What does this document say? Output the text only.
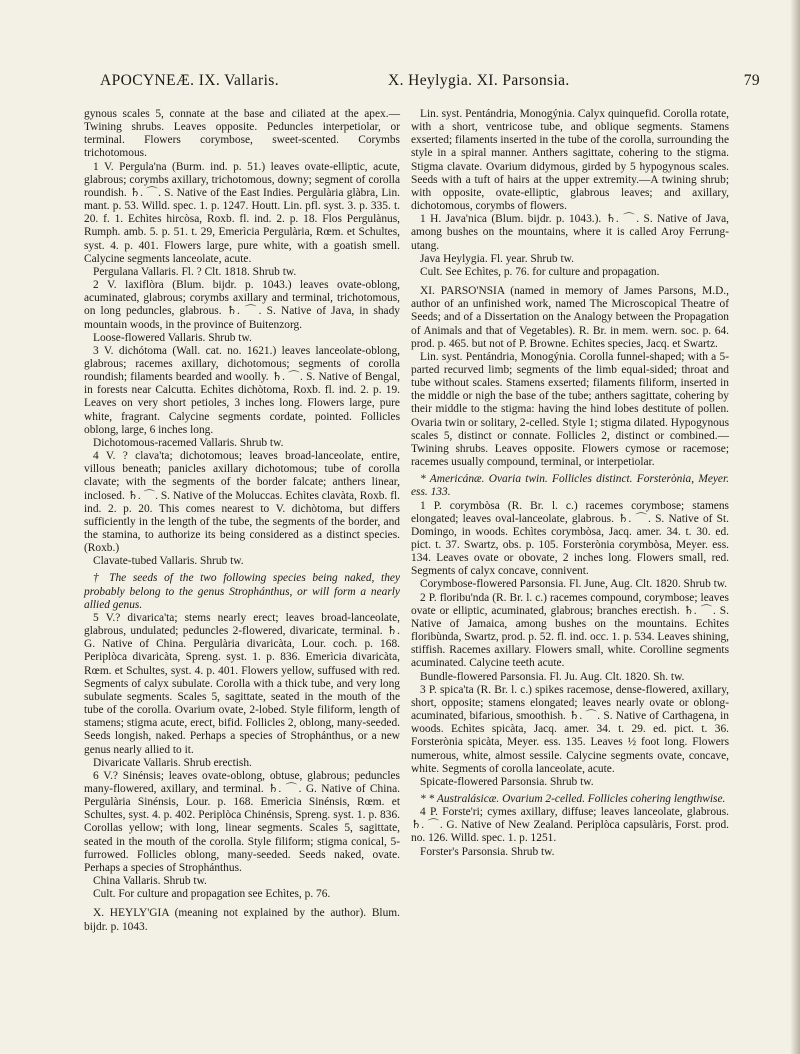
APOCYNEÆ. IX. Vallaris.	X. Heylygia. XI. Parsonsia.	79

gynous scales 5, connate at the base and ciliated at the apex.— Twining shrubs. Leaves opposite. Peduncles interpetiolar, or terminal. Flowers corymbose, sweet-scented. Corymbs trichotomous.

1 V. Pergula'na (Burm. ind. p. 51.) leaves ovate-elliptic, acute, glabrous; corymbs axillary, trichotomous, downy; segment of corolla roundish. ♄. ⌒. S. Native of the East Indies. Pergulària glàbra, Lin. mant. p. 53. Willd. spec. 1. p. 1247. Houtt. Lin. pfl. syst. 3. p. 335. t. 20. f. 1. Echìtes hircòsa, Roxb. fl. ind. 2. p. 18. Flos Pergulànus, Rumph. amb. 5. p. 51. t. 29, Emerìcia Pergulària, Rœm. et Schultes, syst. 4. p. 401. Flowers large, pure white, with a goatish smell. Calycine segments lanceolate, acute.

Pergulana Vallaris. Fl. ? Clt. 1818. Shrub tw.

2 V. laxiflòra (Blum. bijdr. p. 1043.) leaves ovate-oblong, acuminated, glabrous; corymbs axillary and terminal, trichotomous, on long peduncles, glabrous. ♄. ⌒. S. Native of Java, in shady mountain woods, in the province of Buitenzorg.

Loose-flowered Vallaris. Shrub tw.

3 V. dichótoma (Wall. cat. no. 1621.) leaves lanceolate-oblong, glabrous; racemes axillary, dichotomous; segments of corolla roundish; filaments bearded and woolly. ♄. ⌒. S. Native of Bengal, in forests near Calcutta. Echìtes dichòtoma, Roxb. fl. ind. 2. p. 19. Leaves on very short petioles, 3 inches long. Flowers large, pure white, fragrant. Calycine segments cordate, pointed. Follicles oblong, large, 6 inches long.

Dichotomous-racemed Vallaris. Shrub tw.

4 V. ? clava'ta; dichotomous; leaves broad-lanceolate, entire, villous beneath; panicles axillary dichotomous; tube of corolla clavate; with the segments of the border falcate; anthers linear, inclosed. ♄. ⌒. S. Native of the Moluccas. Echìtes clavàta, Roxb. fl. ind. 2. p. 20. This comes nearest to V. dichòtoma, but differs sufficiently in the length of the tube, the segments of the border, and the stamina, to authorize its being considered as a distinct species. (Roxb.)

Clavate-tubed Vallaris. Shrub tw.

† The seeds of the two following species being naked, they probably belong to the genus Strophánthus, or will form a nearly allied genus.

5 V.? divarica'ta; stems nearly erect; leaves broad-lanceolate, glabrous, undulated; peduncles 2-flowered, divaricate, terminal. ♄. G. Native of China. Pergulària divaricàta, Lour. coch. p. 168. Periplòca divaricàta, Spreng. syst. 1. p. 836. Emerìcia divaricàta, Rœm. et Schultes, syst. 4. p. 401. Flowers yellow, suffused with red. Segments of calyx subulate. Corolla with a thick tube, and very long subulate segments. Scales 5, sagittate, seated in the mouth of the tube of the corolla. Ovarium ovate, 2-lobed. Style filiform, length of stamens; stigma acute, erect, bifid. Follicles 2, oblong, many-seeded. Seeds longish, naked. Perhaps a species of Strophánthus, or a new genus nearly allied to it.

Divaricate Vallaris. Shrub erectish.

6 V.? Sinénsis; leaves ovate-oblong, obtuse, glabrous; peduncles many-flowered, axillary, and terminal. ♄. ⌒. G. Native of China. Pergulària Sinénsis, Lour. p. 168. Emerìcia Sinénsis, Rœm. et Schultes, syst. 4. p. 402. Periplòca Chinénsis, Spreng. syst. 1. p. 836. Corollas yellow; with long, linear segments. Scales 5, sagittate, seated in the mouth of the corolla. Style filiform; stigma conical, 5-furrowed. Follicles oblong, many-seeded. Seeds naked, ovate. Perhaps a species of Strophánthus.

China Vallaris. Shrub tw.

Cult. For culture and propagation see Echìtes, p. 76.

X. HEYLY'GIA (meaning not explained by the author). Blum. bijdr. p. 1043.

Lin. syst. Pentándria, Monogýnia. Calyx quinquefid. Corolla rotate, with a short, ventricose tube, and oblique segments. Stamens exserted; filaments inserted in the tube of the corolla, surrounding the style in a spiral manner. Anthers sagittate, cohering to the stigma. Stigma clavate. Ovarium didymous, girded by 5 hypogynous scales. Seeds with a tuft of hairs at the upper extremity.—A twining shrub; with opposite, ovate-elliptic, glabrous leaves; and axillary, dichotomous, corymbs of flowers.

1 H. Java'nica (Blum. bijdr. p. 1043.). ♄. ⌒. S. Native of Java, among bushes on the mountains, where it is called Aroy Ferrung-utang.

Java Heylygia. Fl. year. Shrub tw.

Cult. See Echìtes, p. 76. for culture and propagation.

XI. PARSO'NSIA (named in memory of James Parsons, M.D., author of an unfinished work, named The Microscopical Theatre of Seeds; and of a Dissertation on the Analogy between the Propagation of Animals and that of Vegetables). R. Br. in mem. wern. soc. p. 64. prod. p. 465. but not of P. Browne. Echìtes species, Jacq. et Swartz.

Lin. syst. Pentándria, Monogýnia. Corolla funnel-shaped; with a 5-parted recurved limb; segments of the limb equal-sided; throat and tube without scales. Stamens exserted; filaments filiform, inserted in the middle or nigh the base of the tube; anthers sagittate, cohering by their middle to the stigma: having the hind lobes destitute of pollen. Ovaria twin or solitary, 2-celled. Style 1; stigma dilated. Hypogynous scales 5, distinct or connate. Follicles 2, distinct or combined.—Twining shrubs. Leaves opposite. Flowers cymose or racemose; racemes usually compound, terminal, or interpetiolar.

* Americánæ. Ovaria twin. Follicles distinct. Forsterònia, Meyer. ess. 133.

1 P. corymbòsa (R. Br. l. c.) racemes corymbose; stamens elongated; leaves oval-lanceolate, glabrous. ♄. ⌒. S. Native of St. Domingo, in woods. Echìtes corymbòsa, Jacq. amer. 34. t. 30. ed. pict. t. 37. Swartz, obs. p. 105. Forsterònia corymbòsa, Meyer. ess. 134. Leaves ovate or obovate, 2 inches long. Flowers small, red. Segments of calyx concave, connivent.

Corymbose-flowered Parsonsia. Fl. June, Aug. Clt. 1820. Shrub tw.

2 P. floribu'nda (R. Br. l. c.) racemes compound, corymbose; leaves ovate or elliptic, acuminated, glabrous; branches erectish. ♄. ⌒. S. Native of Jamaica, among bushes on the mountains. Echìtes floribùnda, Swartz, prod. p. 52. fl. ind. occ. 1. p. 534. Leaves shining, stiffish. Racemes axillary. Flowers small, white. Corolline segments acuminated. Calycine teeth acute.

Bundle-flowered Parsonsia. Fl. Ju. Aug. Clt. 1820. Sh. tw.

3 P. spica'ta (R. Br. l. c.) spikes racemose, dense-flowered, axillary, short, opposite; stamens elongated; leaves nearly ovate or oblong-acuminated, bifarious, smoothish. ♄. ⌒. S. Native of Carthagena, in woods. Echìtes spicàta, Jacq. amer. 34. t. 29. ed. pict. t. 36. Forsterònia spicàta, Meyer. ess. 135. Leaves ½ foot long. Flowers numerous, white, almost sessile. Calycine segments ovate, concave, white. Segments of corolla lanceolate, acute.

Spicate-flowered Parsonsia. Shrub tw.

* * Australásicæ. Ovarium 2-celled. Follicles cohering lengthwise.

4 P. Forste'ri; cymes axillary, diffuse; leaves lanceolate, glabrous. ♄. ⌒. G. Native of New Zealand. Periplòca capsulàris, Forst. prod. no. 126. Willd. spec. 1. p. 1251.

Forster's Parsonsia. Shrub tw.
